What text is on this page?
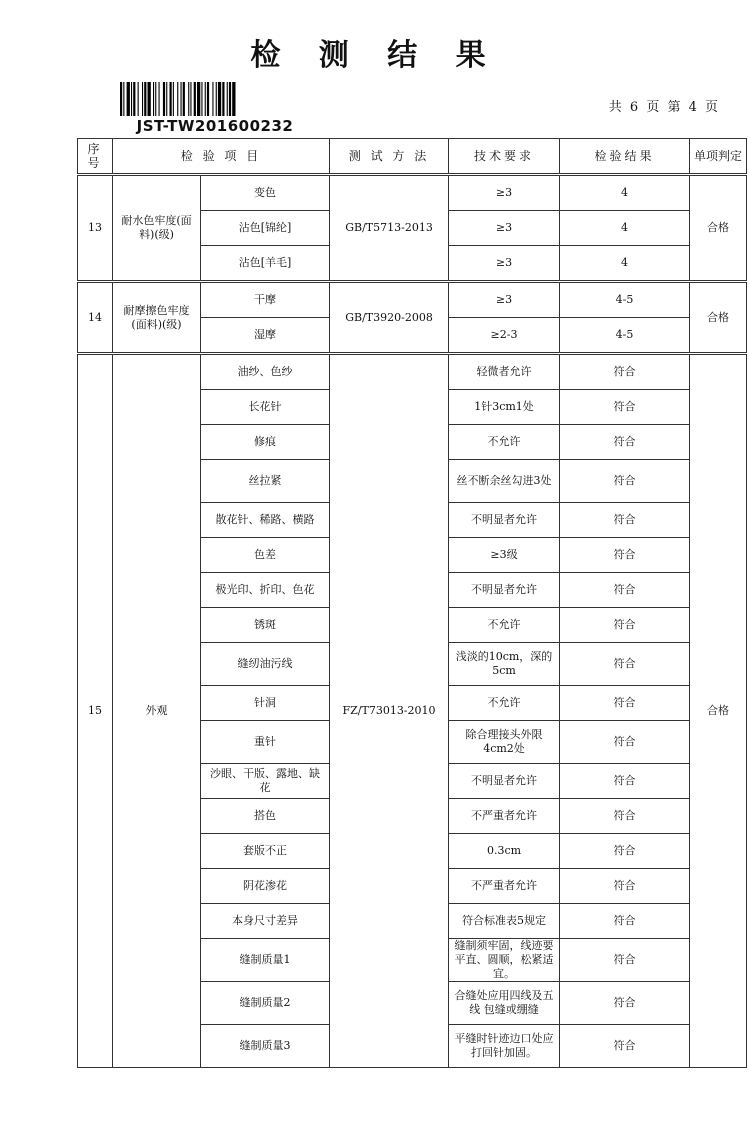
检 测 结 果
JST-TW201600232
共 6 页 第 4 页
序号	检 验 项 目		测 试 方 法	技术要求	检验结果	单项判定
13	耐水色牢度(面料)(级)	变色	GB/T5713-2013	≥3	4	合格
		沾色[锦纶]		≥3	4	
		沾色[羊毛]		≥3	4	
14	耐摩擦色牢度(面料)(级)	干摩	GB/T3920-2008	≥3	4-5	合格
		湿摩		≥2-3	4-5	
15	外观	油纱、色纱	FZ/T73013-2010	轻微者允许	符合	合格
		长花针		1针3cm1处	符合	
		修痕		不允许	符合	
		丝拉紧		丝不断余丝勾进3处	符合	
		散花针、稀路、横路		不明显者允许	符合	
		色差		≥3级	符合	
		极光印、折印、色花		不明显者允许	符合	
		锈斑		不允许	符合	
		缝纫油污线		浅淡的10cm，深的5cm	符合	
		针洞		不允许	符合	
		重针		除合理接头外限4cm2处	符合	
		沙眼、干版、露地、缺花		不明显者允许	符合	
		搭色		不严重者允许	符合	
		套版不正		0.3cm	符合	
		阴花渗花		不严重者允许	符合	
		本身尺寸差异		符合标准表5规定	符合	
		缝制质量1		缝制须牢固，线迹要平直、圆顺，松紧适宜。	符合	
		缝制质量2		合缝处应用四线及五线 包缝或绷缝	符合	
		缝制质量3		平缝时针迹边口处应打回针加固。	符合	
